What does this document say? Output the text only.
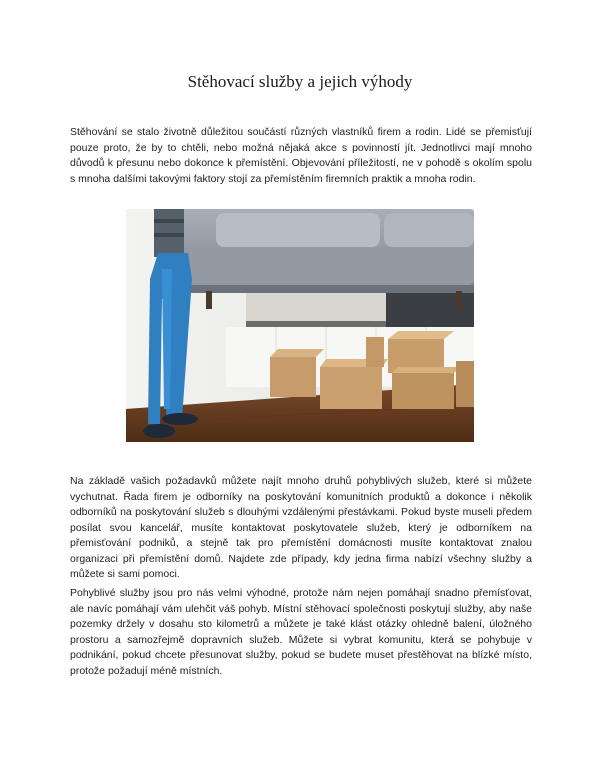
Stěhovací služby a jejich výhody

Stěhování se stalo životně důležitou součástí různých vlastníků firem a rodin. Lidé se přemisťují pouze proto, že by to chtěli, nebo možná nějaká akce s povinností jít. Jednotlivci mají mnoho důvodů k přesunu nebo dokonce k přemístění. Objevování příležitostí, ne v pohodě s okolím spolu s mnoha dalšími takovými faktory stojí za přemístěním firemních praktik a mnoha rodin.

Na základě vašich požadavků můžete najít mnoho druhů pohyblivých služeb, které si můžete vychutnat. Řada firem je odborníky na poskytování komunitních produktů a dokonce i několik odborníků na poskytování služeb s dlouhými vzdálenými přestávkami. Pokud byste museli předem posílat svou kancelář, musíte kontaktovat poskytovatele služeb, který je odborníkem na přemisťování podniků, a stejně tak pro přemístění domácnosti musíte kontaktovat znalou organizaci při přemístění domů. Najdete zde případy, kdy jedna firma nabízí všechny služby a můžete si sami pomoci.

Pohyblivé služby jsou pro nás velmi výhodné, protože nám nejen pomáhají snadno přemísťovat, ale navíc pomáhají vám ulehčit váš pohyb. Místní stěhovací společnosti poskytují služby, aby naše pozemky držely v dosahu sto kilometrů a můžete je také klást otázky ohledně balení, úložného prostoru a samozřejmě dopravních služeb. Můžete si vybrat komunitu, která se pohybuje v podnikání, pokud chcete přesunovat služby, pokud se budete muset přestěhovat na blízké místo, protože požadují méně místních.
